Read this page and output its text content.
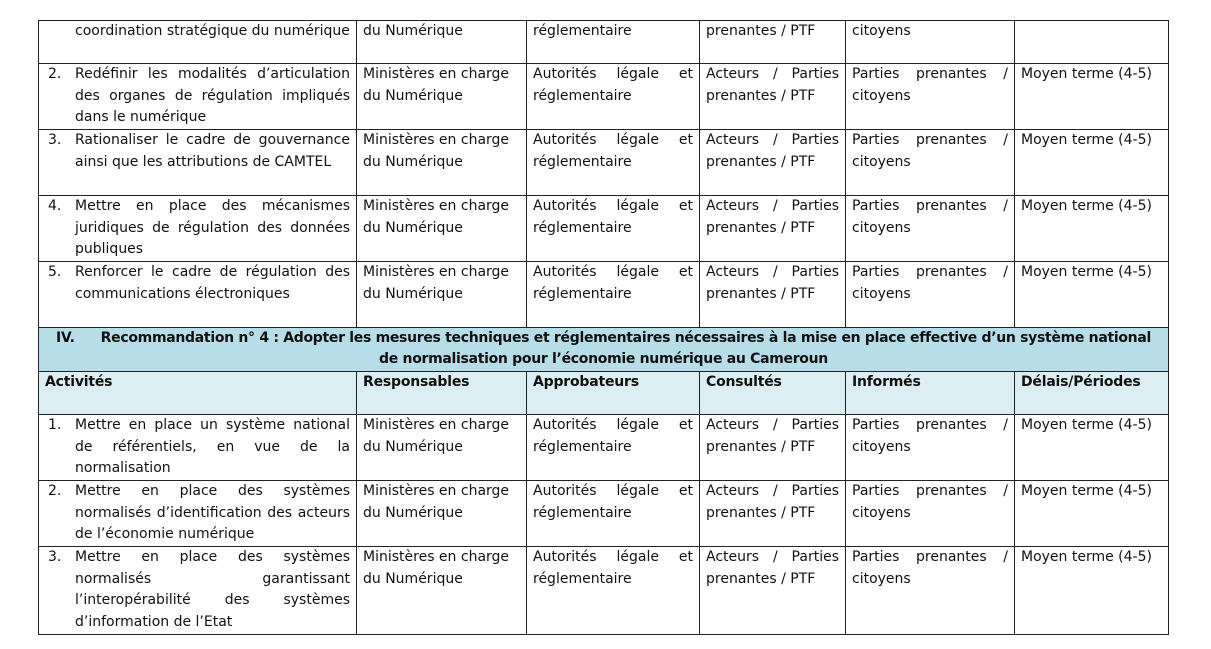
coordination stratégique du numérique	du Numérique	réglementaire	prenantes / PTF	citoyens	

2. Redéfinir les modalités d’articulation des organes de régulation impliqués dans le numérique	Ministères en charge du Numérique	Autorités légale et réglementaire	Acteurs / Parties prenantes / PTF	Parties prenantes / citoyens	Moyen terme (4-5)

3. Rationaliser le cadre de gouvernance ainsi que les attributions de CAMTEL	Ministères en charge du Numérique	Autorités légale et réglementaire	Acteurs / Parties prenantes / PTF	Parties prenantes / citoyens	Moyen terme (4-5)

4. Mettre en place des mécanismes juridiques de régulation des données publiques	Ministères en charge du Numérique	Autorités légale et réglementaire	Acteurs / Parties prenantes / PTF	Parties prenantes / citoyens	Moyen terme (4-5)

5. Renforcer le cadre de régulation des communications électroniques	Ministères en charge du Numérique	Autorités légale et réglementaire	Acteurs / Parties prenantes / PTF	Parties prenantes / citoyens	Moyen terme (4-5)
IV. Recommandation n° 4 : Adopter les mesures techniques et réglementaires nécessaires à la mise en place effective d’un système national de normalisation pour l’économie numérique au Cameroun					
Activités	Responsables	Approbateurs	Consultés	Informés	Délais/Périodes

1. Mettre en place un système national de référentiels, en vue de la normalisation	Ministères en charge du Numérique	Autorités légale et réglementaire	Acteurs / Parties prenantes / PTF	Parties prenantes / citoyens	Moyen terme (4-5)

2. Mettre en place des systèmes normalisés d’identification des acteurs de l’économie numérique	Ministères en charge du Numérique	Autorités légale et réglementaire	Acteurs / Parties prenantes / PTF	Parties prenantes / citoyens	Moyen terme (4-5)

3. Mettre en place des systèmes normalisés garantissant l’interopérabilité des systèmes d’information de l’Etat	Ministères en charge du Numérique	Autorités légale et réglementaire	Acteurs / Parties prenantes / PTF	Parties prenantes / citoyens	Moyen terme (4-5)
